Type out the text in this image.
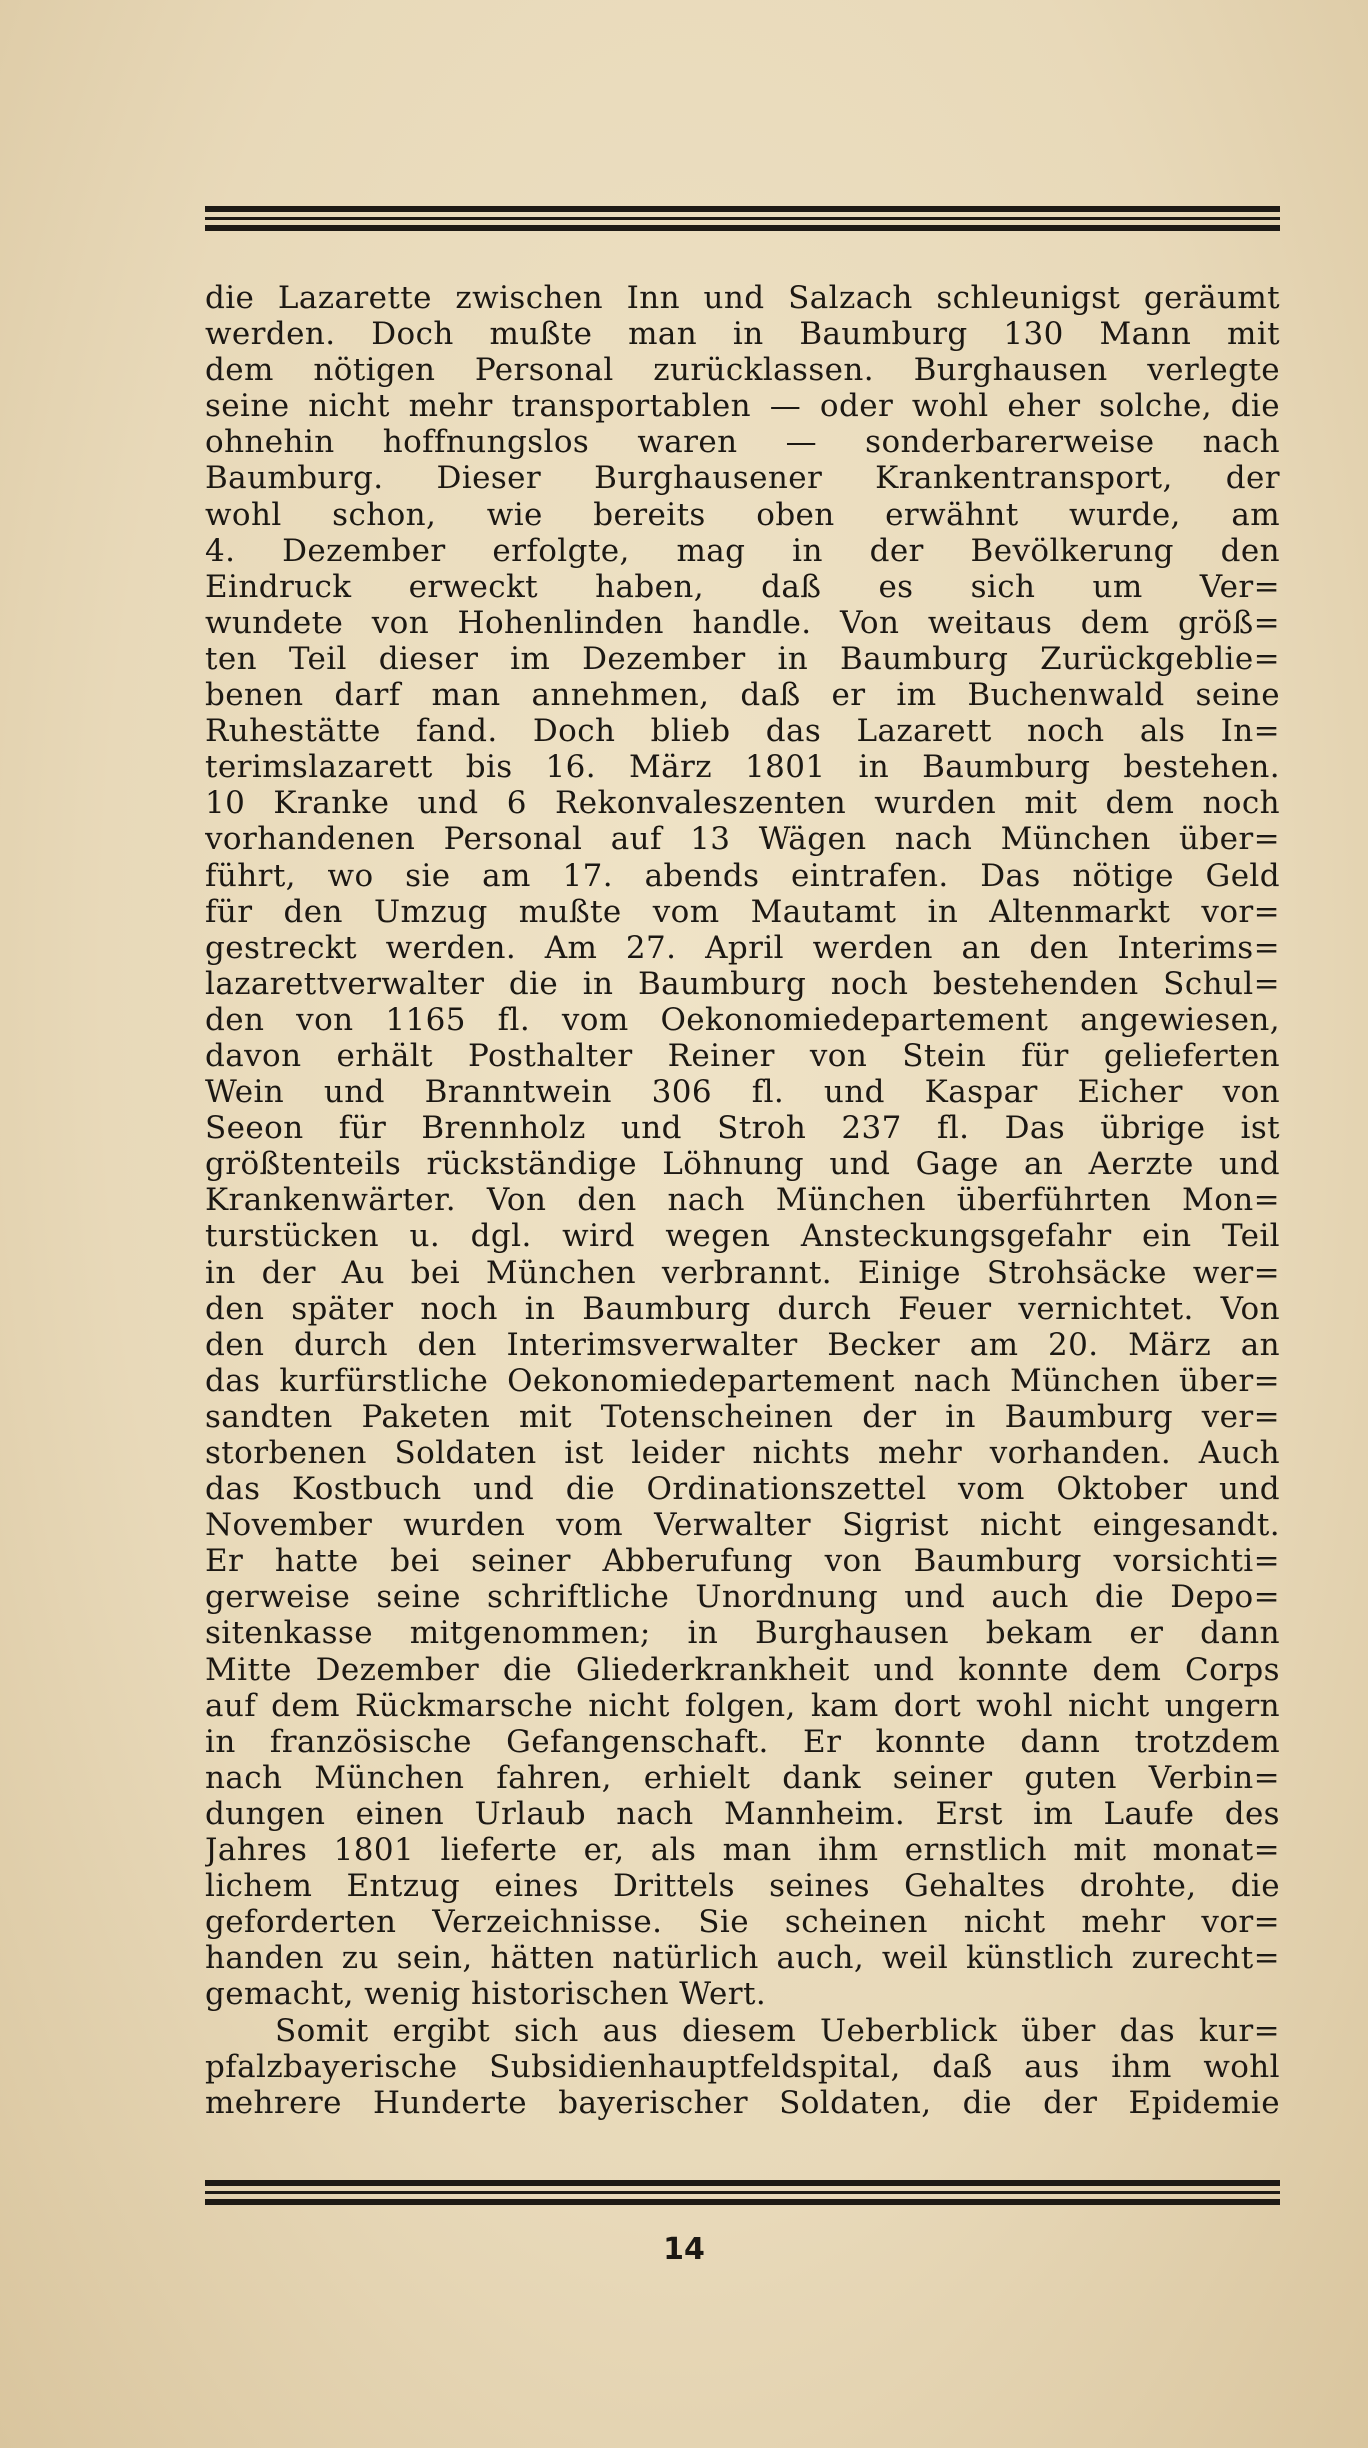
die Lazarette zwischen Inn und Salzach schleunigst geräumt
werden. Doch mußte man in Baumburg 130 Mann mit
dem nötigen Personal zurücklassen. Burghausen verlegte
seine nicht mehr transportablen — oder wohl eher solche, die
ohnehin hoffnungslos waren — sonderbarerweise nach
Baumburg. Dieser Burghausener Krankentransport, der
wohl schon, wie bereits oben erwähnt wurde, am
4. Dezember erfolgte, mag in der Bevölkerung den
Eindruck erweckt haben, daß es sich um Ver=
wundete von Hohenlinden handle. Von weitaus dem größ=
ten Teil dieser im Dezember in Baumburg Zurückgeblie=
benen darf man annehmen, daß er im Buchenwald seine
Ruhestätte fand. Doch blieb das Lazarett noch als In=
terimslazarett bis 16. März 1801 in Baumburg bestehen.
10 Kranke und 6 Rekonvaleszenten wurden mit dem noch
vorhandenen Personal auf 13 Wägen nach München über=
führt, wo sie am 17. abends eintrafen. Das nötige Geld
für den Umzug mußte vom Mautamt in Altenmarkt vor=
gestreckt werden. Am 27. April werden an den Interims=
lazarettverwalter die in Baumburg noch bestehenden Schul=
den von 1165 fl. vom Oekonomiedepartement angewiesen,
davon erhält Posthalter Reiner von Stein für gelieferten
Wein und Branntwein 306 fl. und Kaspar Eicher von
Seeon für Brennholz und Stroh 237 fl. Das übrige ist
größtenteils rückständige Löhnung und Gage an Aerzte und
Krankenwärter. Von den nach München überführten Mon=
turstücken u. dgl. wird wegen Ansteckungsgefahr ein Teil
in der Au bei München verbrannt. Einige Strohsäcke wer=
den später noch in Baumburg durch Feuer vernichtet. Von
den durch den Interimsverwalter Becker am 20. März an
das kurfürstliche Oekonomiedepartement nach München über=
sandten Paketen mit Totenscheinen der in Baumburg ver=
storbenen Soldaten ist leider nichts mehr vorhanden. Auch
das Kostbuch und die Ordinationszettel vom Oktober und
November wurden vom Verwalter Sigrist nicht eingesandt.
Er hatte bei seiner Abberufung von Baumburg vorsichti=
gerweise seine schriftliche Unordnung und auch die Depo=
sitenkasse mitgenommen; in Burghausen bekam er dann
Mitte Dezember die Gliederkrankheit und konnte dem Corps
auf dem Rückmarsche nicht folgen, kam dort wohl nicht ungern
in französische Gefangenschaft. Er konnte dann trotzdem
nach München fahren, erhielt dank seiner guten Verbin=
dungen einen Urlaub nach Mannheim. Erst im Laufe des
Jahres 1801 lieferte er, als man ihm ernstlich mit monat=
lichem Entzug eines Drittels seines Gehaltes drohte, die
geforderten Verzeichnisse. Sie scheinen nicht mehr vor=
handen zu sein, hätten natürlich auch, weil künstlich zurecht=
gemacht, wenig historischen Wert.
Somit ergibt sich aus diesem Ueberblick über das kur=
pfalzbayerische Subsidienhauptfeldspital, daß aus ihm wohl
mehrere Hunderte bayerischer Soldaten, die der Epidemie
14
